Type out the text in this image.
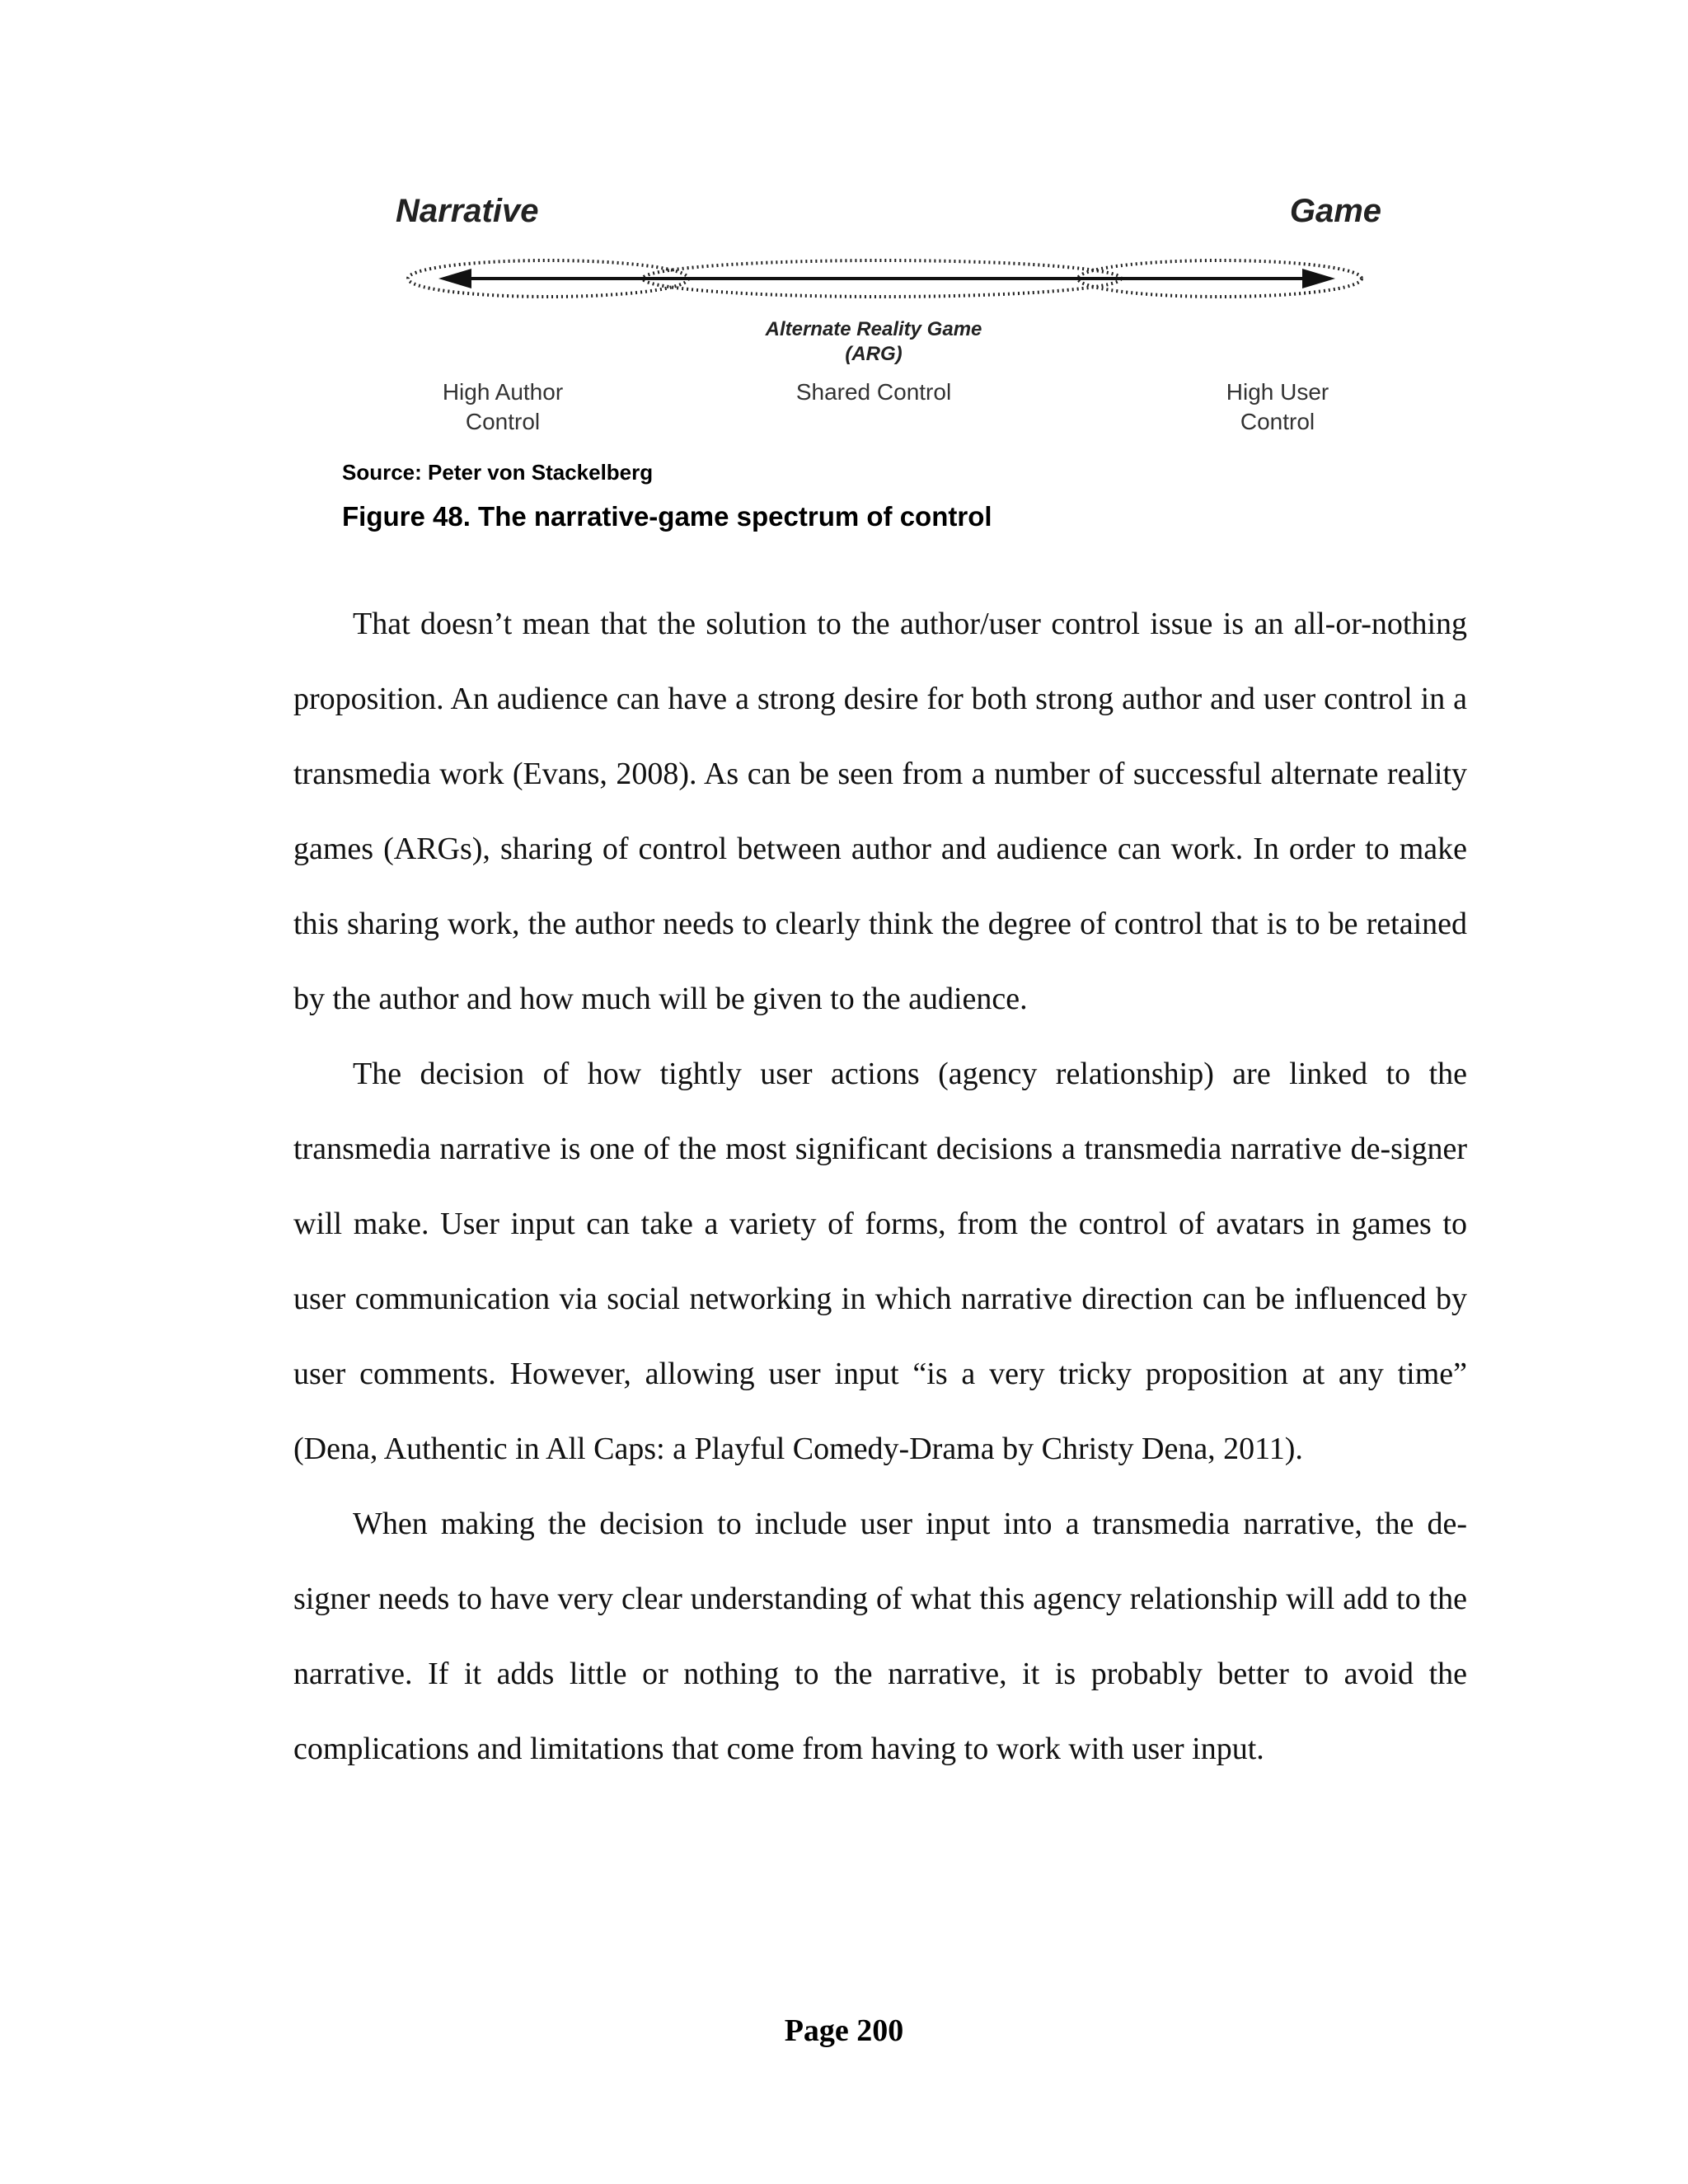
Narrative	Game
Alternate Reality Game
(ARG)
High Author
Control
Shared Control	High User
Control
Source: Peter von Stackelberg
Figure 48. The narrative-game spectrum of control

That doesn’t mean that the solution to the author/user control issue is an all-or-nothing proposition. An audience can have a strong desire for both strong author and user control in a transmedia work (Evans, 2008). As can be seen from a number of successful alternate reality games (ARGs), sharing of control between author and audience can work. In order to make this sharing work, the author needs to clearly think the degree of control that is to be retained by the author and how much will be given to the audience.

The decision of how tightly user actions (agency relationship) are linked to the transmedia narrative is one of the most significant decisions a transmedia narrative de-signer will make. User input can take a variety of forms, from the control of avatars in games to user communication via social networking in which narrative direction can be influenced by user comments. However, allowing user input “is a very tricky proposition at any time” (Dena, Authentic in All Caps: a Playful Comedy-Drama by Christy Dena, 2011).

When making the decision to include user input into a transmedia narrative, the de-signer needs to have very clear understanding of what this agency relationship will add to the narrative. If it adds little or nothing to the narrative, it is probably better to avoid the complications and limitations that come from having to work with user input.

Page 200
